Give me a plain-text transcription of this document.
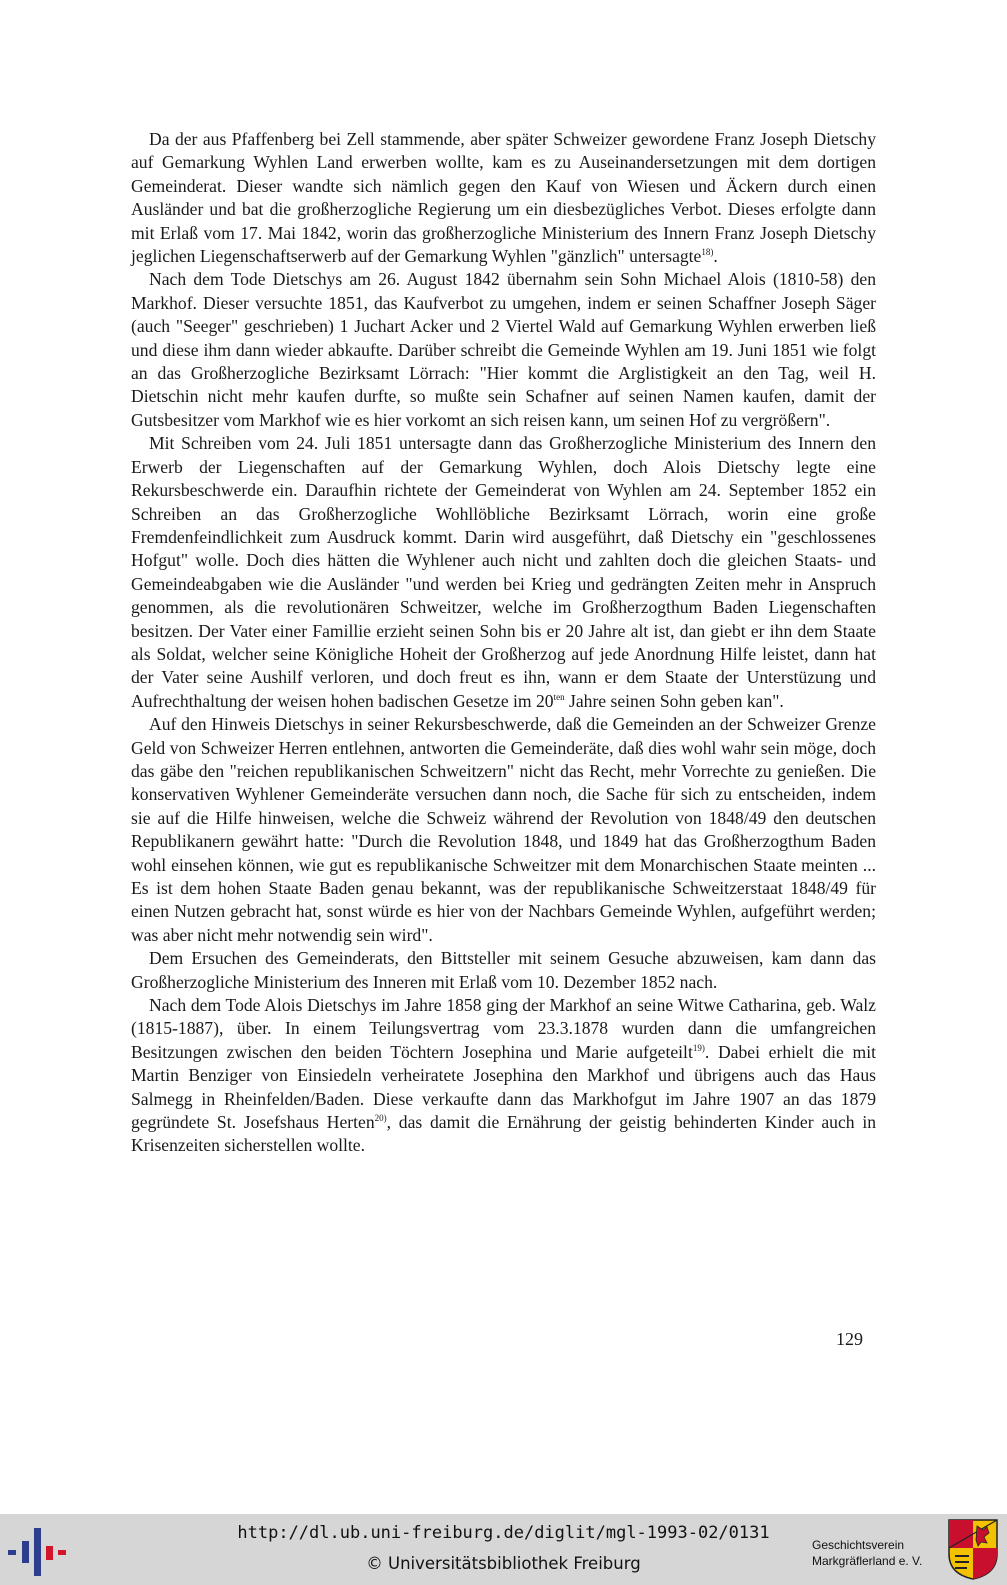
Da der aus Pfaffenberg bei Zell stammende, aber später Schweizer gewordene Franz Joseph Dietschy auf Gemarkung Wyhlen Land erwerben wollte, kam es zu Auseinandersetzungen mit dem dortigen Gemeinderat. Dieser wandte sich nämlich gegen den Kauf von Wiesen und Äckern durch einen Ausländer und bat die großherzogliche Regierung um ein diesbezügliches Verbot. Dieses erfolgte dann mit Erlaß vom 17. Mai 1842, worin das großherzogliche Ministerium des Innern Franz Joseph Dietschy jeglichen Liegenschaftserwerb auf der Gemarkung Wyhlen "gänzlich" untersagte$^{18)}$.

Nach dem Tode Dietschys am 26. August 1842 übernahm sein Sohn Michael Alois (1810-58) den Markhof. Dieser versuchte 1851, das Kaufverbot zu umgehen, indem er seinen Schaffner Joseph Säger (auch "Seeger" geschrieben) 1 Juchart Acker und 2 Viertel Wald auf Gemarkung Wyhlen erwerben ließ und diese ihm dann wieder abkaufte. Darüber schreibt die Gemeinde Wyhlen am 19. Juni 1851 wie folgt an das Großherzogliche Bezirksamt Lörrach: "Hier kommt die Arglistigkeit an den Tag, weil H. Dietschin nicht mehr kaufen durfte, so mußte sein Schafner auf seinen Namen kaufen, damit der Gutsbesitzer vom Markhof wie es hier vorkomt an sich reisen kann, um seinen Hof zu vergrößern".

Mit Schreiben vom 24. Juli 1851 untersagte dann das Großherzogliche Ministerium des Innern den Erwerb der Liegenschaften auf der Gemarkung Wyhlen, doch Alois Dietschy legte eine Rekursbeschwerde ein. Daraufhin richtete der Gemeinderat von Wyhlen am 24. September 1852 ein Schreiben an das Großherzogliche Wohllöbliche Bezirksamt Lörrach, worin eine große Fremdenfeindlichkeit zum Ausdruck kommt. Darin wird ausgeführt, daß Dietschy ein "geschlossenes Hofgut" wolle. Doch dies hätten die Wyhlener auch nicht und zahlten doch die gleichen Staats- und Gemeindeabgaben wie die Ausländer "und werden bei Krieg und gedrängten Zeiten mehr in Anspruch genommen, als die revolutionären Schweitzer, welche im Großherzogthum Baden Liegenschaften besitzen. Der Vater einer Famillie erzieht seinen Sohn bis er 20 Jahre alt ist, dan giebt er ihn dem Staate als Soldat, welcher seine Königliche Hoheit der Großherzog auf jede Anordnung Hilfe leistet, dann hat der Vater seine Aushilf verloren, und doch freut es ihn, wann er dem Staate der Unterstüzung und Aufrechthaltung der weisen hohen badischen Gesetze im $20^{ten}$ Jahre seinen Sohn geben kan".

Auf den Hinweis Dietschys in seiner Rekursbeschwerde, daß die Gemeinden an der Schweizer Grenze Geld von Schweizer Herren entlehnen, antworten die Gemeinderäte, daß dies wohl wahr sein möge, doch das gäbe den "reichen republikanischen Schweitzern" nicht das Recht, mehr Vorrechte zu genießen. Die konservativen Wyhlener Gemeinderäte versuchen dann noch, die Sache für sich zu entscheiden, indem sie auf die Hilfe hinweisen, welche die Schweiz während der Revolution von 1848/49 den deutschen Republikanern gewährt hatte: "Durch die Revolution 1848, und 1849 hat das Großherzogthum Baden wohl einsehen können, wie gut es republikanische Schweitzer mit dem Monarchischen Staate meinten ... Es ist dem hohen Staate Baden genau bekannt, was der republikanische Schweitzerstaat 1848/49 für einen Nutzen gebracht hat, sonst würde es hier von der Nachbars Gemeinde Wyhlen, aufgeführt werden; was aber nicht mehr notwendig sein wird".

Dem Ersuchen des Gemeinderats, den Bittsteller mit seinem Gesuche abzuweisen, kam dann das Großherzogliche Ministerium des Inneren mit Erlaß vom 10. Dezember 1852 nach.

Nach dem Tode Alois Dietschys im Jahre 1858 ging der Markhof an seine Witwe Catharina, geb. Walz (1815-1887), über. In einem Teilungsvertrag vom 23.3.1878 wurden dann die umfangreichen Besitzungen zwischen den beiden Töchtern Josephina und Marie aufgeteilt$^{19)}$. Dabei erhielt die mit Martin Benziger von Einsiedeln verheiratete Josephina den Markhof und übrigens auch das Haus Salmegg in Rheinfelden/Baden. Diese verkaufte dann das Markhofgut im Jahre 1907 an das 1879 gegründete St. Josefshaus Herten$^{20)}$, das damit die Ernährung der geistig behinderten Kinder auch in Krisenzeiten sicherstellen wollte.

129
http://dl.ub.uni-freiburg.de/diglit/mgl-1993-02/0131
© Universitätsbibliothek Freiburg
Geschichtsverein
Markgräflerland e. V.
